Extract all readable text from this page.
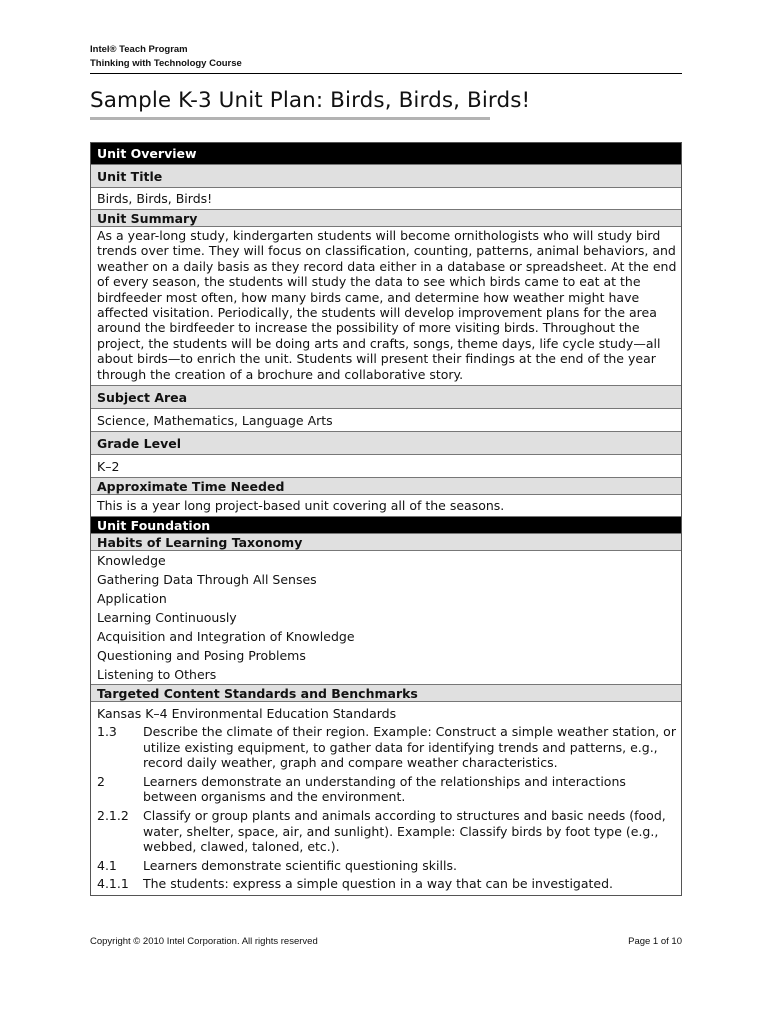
Intel® Teach Program
Thinking with Technology Course
Sample K-3 Unit Plan: Birds, Birds, Birds!
Unit Overview
Unit Title
Birds, Birds, Birds!
Unit Summary
As a year-long study, kindergarten students will become ornithologists who will study bird trends over time. They will focus on classification, counting, patterns, animal behaviors, and weather on a daily basis as they record data either in a database or spreadsheet. At the end of every season, the students will study the data to see which birds came to eat at the birdfeeder most often, how many birds came, and determine how weather might have affected visitation. Periodically, the students will develop improvement plans for the area around the birdfeeder to increase the possibility of more visiting birds. Throughout the project, the students will be doing arts and crafts, songs, theme days, life cycle study—all about birds—to enrich the unit. Students will present their findings at the end of the year through the creation of a brochure and collaborative story.
Subject Area
Science, Mathematics, Language Arts
Grade Level
K–2
Approximate Time Needed
This is a year long project-based unit covering all of the seasons.
Unit Foundation
Habits of Learning Taxonomy
Knowledge
Gathering Data Through All Senses
Application
Learning Continuously
Acquisition and Integration of Knowledge
Questioning and Posing Problems
Listening to Others
Targeted Content Standards and Benchmarks
Kansas K–4 Environmental Education Standards
1.3 Describe the climate of their region. Example: Construct a simple weather station, or utilize existing equipment, to gather data for identifying trends and patterns, e.g., record daily weather, graph and compare weather characteristics.
2	Learners demonstrate an understanding of the relationships and interactions between organisms and the environment.
2.1.2 Classify or group plants and animals according to structures and basic needs (food, water, shelter, space, air, and sunlight). Example: Classify birds by foot type (e.g., webbed, clawed, taloned, etc.).
4.1 Learners demonstrate scientific questioning skills.
4.1.1 The students: express a simple question in a way that can be investigated.
Copyright © 2010 Intel Corporation. All rights reserved	Page 1 of 10
